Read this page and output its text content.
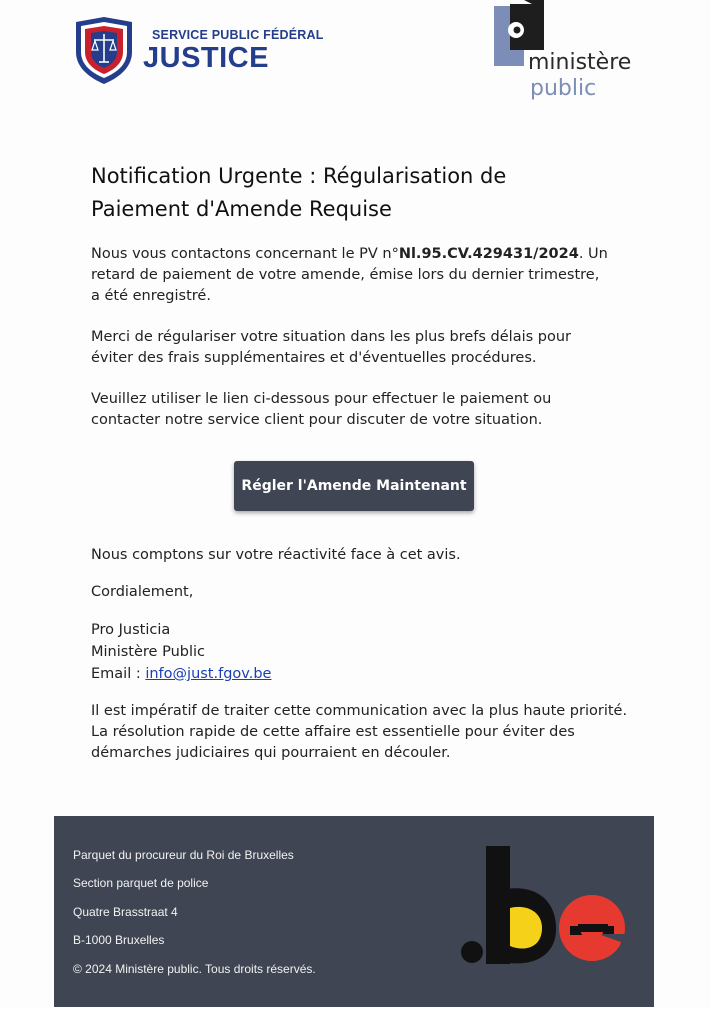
SERVICE PUBLIC FÉDÉRAL
JUSTICE	ministère
public
Notification Urgente : Régularisation de Paiement d'Amende Requise

Nous vous contactons concernant le PV n°Nl.95.CV.429431/2024. Un retard de paiement de votre amende, émise lors du dernier trimestre, a été enregistré.

Merci de régulariser votre situation dans les plus brefs délais pour éviter des frais supplémentaires et d'éventuelles procédures.

Veuillez utiliser le lien ci-dessous pour effectuer le paiement ou contacter notre service client pour discuter de votre situation.

Régler l'Amende Maintenant

Nous comptons sur votre réactivité face à cet avis.

Cordialement,

Pro Justicia
Ministère Public
Email : info@just.fgov.be

Il est impératif de traiter cette communication avec la plus haute priorité. La résolution rapide de cette affaire est essentielle pour éviter des démarches judiciaires qui pourraient en découler.

Parquet du procureur du Roi de Bruxelles
Section parquet de police
Quatre Brasstraat 4
B-1000 Bruxelles
© 2024 Ministère public. Tous droits réservés.
